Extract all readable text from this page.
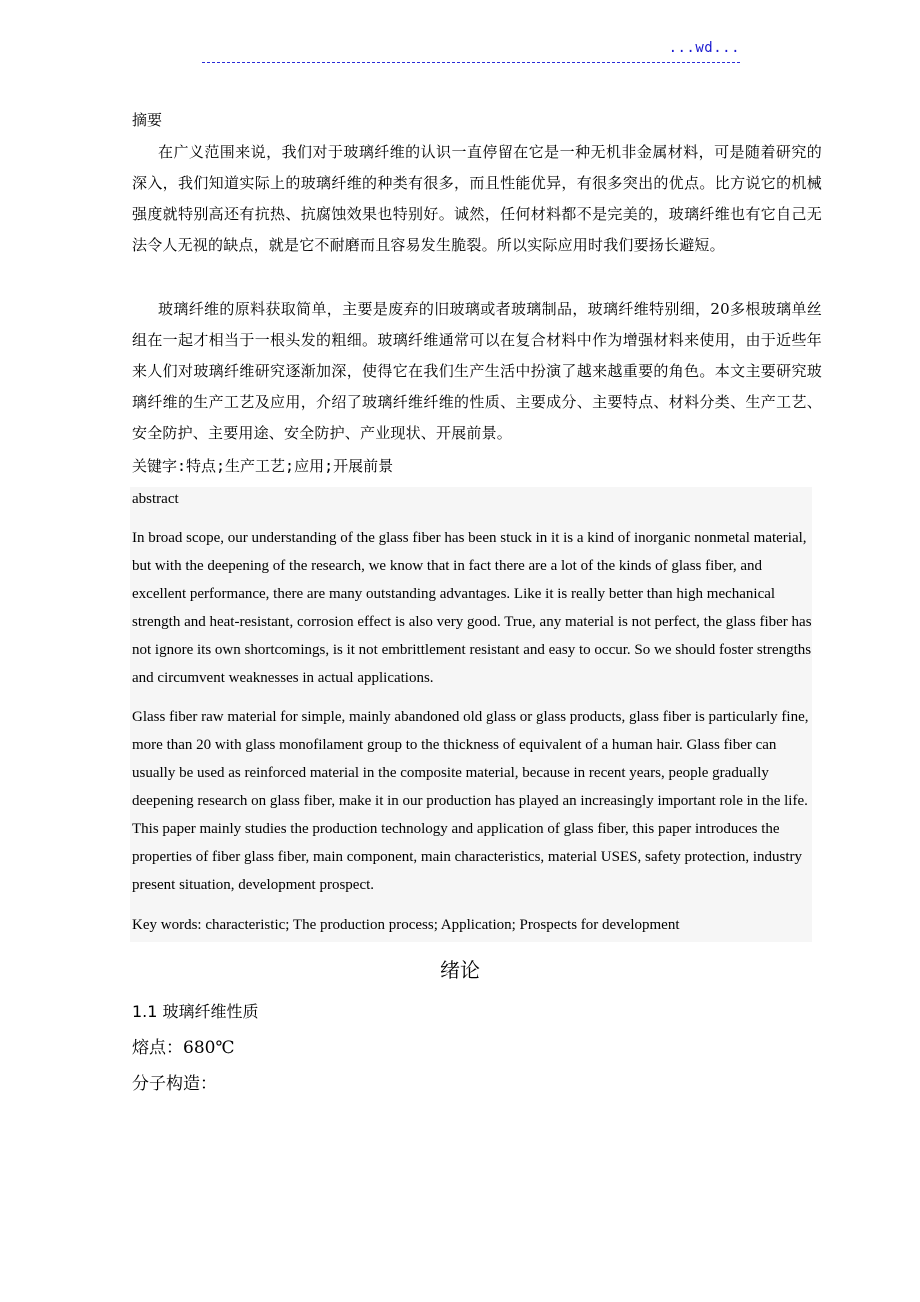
...wd...
摘要

在广义范围来说，我们对于玻璃纤维的认识一直停留在它是一种无机非金属材料，可是随着研究的深入，我们知道实际上的玻璃纤维的种类有很多，而且性能优异，有很多突出的优点。比方说它的机械强度就特别高还有抗热、抗腐蚀效果也特别好。诚然，任何材料都不是完美的，玻璃纤维也有它自己无法令人无视的缺点，就是它不耐磨而且容易发生脆裂。所以实际应用时我们要扬长避短。

玻璃纤维的原料获取简单，主要是废弃的旧玻璃或者玻璃制品，玻璃纤维特别细，20多根玻璃单丝组在一起才相当于一根头发的粗细。玻璃纤维通常可以在复合材料中作为增强材料来使用，由于近些年来人们对玻璃纤维研究逐渐加深，使得它在我们生产生活中扮演了越来越重要的角色。本文主要研究玻璃纤维的生产工艺及应用，介绍了玻璃纤维纤维的性质、主要成分、主要特点、材料分类、生产工艺、安全防护、主要用途、安全防护、产业现状、开展前景。

关键字:特点;生产工艺;应用;开展前景
abstract

In broad scope, our understanding of the glass fiber has been stuck in it is a kind of inorganic nonmetal material, but with the deepening of the research, we know that in fact there are a lot of the kinds of glass fiber, and excellent performance, there are many outstanding advantages. Like it is really better than high mechanical strength and heat-resistant, corrosion effect is also very good. True, any material is not perfect, the glass fiber has not ignore its own shortcomings, is it not embrittlement resistant and easy to occur. So we should foster strengths and circumvent weaknesses in actual applications.

Glass fiber raw material for simple, mainly abandoned old glass or glass products, glass fiber is particularly fine, more than 20 with glass monofilament group to the thickness of equivalent of a human hair. Glass fiber can usually be used as reinforced material in the composite material, because in recent years, people gradually deepening research on glass fiber, make it in our production has played an increasingly important role in the life. This paper mainly studies the production technology and application of glass fiber, this paper introduces the properties of fiber glass fiber, main component, main characteristics, material USES, safety protection, industry present situation, development prospect.

Key words: characteristic; The production process; Application; Prospects for development
绪论
1.1 玻璃纤维性质
熔点：680℃
分子构造：
